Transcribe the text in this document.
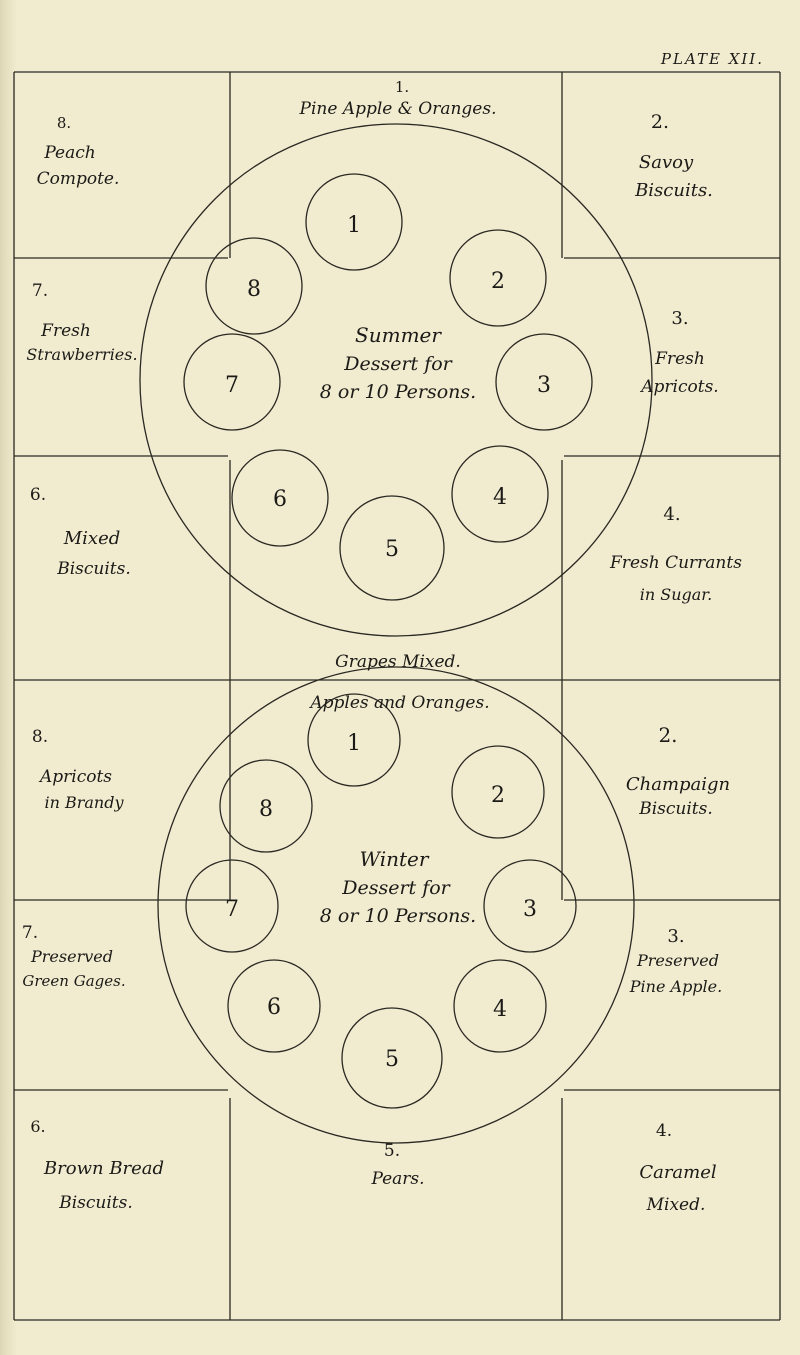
PLATE XII.
1.
Pine Apple & Oranges.
Summer
Dessert for
8 or 10 Persons.
Grapes Mixed.
1
2
3
4
5
6
7
8
8.
Peach
Compote.
7.
Fresh
Strawberries.
6.
Mixed
Biscuits.
2.
Savoy
Biscuits.
3.
Fresh
Apricots.
4.
Fresh Currants
in Sugar.
Apples and Oranges.
Winter
Dessert for
8 or 10 Persons.
5.
Pears.
1
2
3
4
5
6
7
8
8.
Apricots
in Brandy
7.
Preserved
Green Gages.
6.
Brown Bread
Biscuits.
2.
Champaign
Biscuits.
3.
Preserved
Pine Apple.
4.
Caramel
Mixed.
